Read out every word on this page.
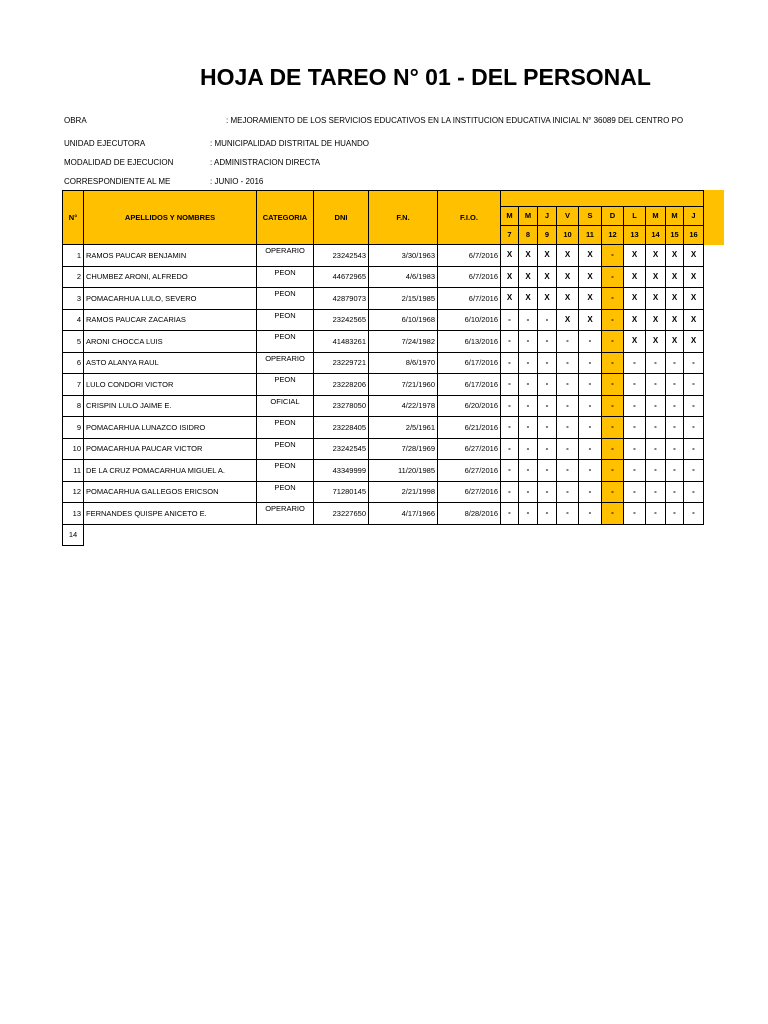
HOJA DE TAREO N° 01 - DEL PERSONAL
OBRA	: MEJORAMIENTO DE LOS SERVICIOS EDUCATIVOS EN LA INSTITUCION EDUCATIVA INICIAL N° 36089 DEL CENTRO PO
UNIDAD EJECUTORA	: MUNICIPALIDAD DISTRITAL DE HUANDO
MODALIDAD DE EJECUCION	: ADMINISTRACION DIRECTA
CORRESPONDIENTE AL ME	: JUNIO - 2016
N°	APELLIDOS Y NOMBRES	CATEGORIA	DNI	F.N.	F.I.O.										
						M	M	J	V	S	D	L	M	M	J
						7	8	9	10	11	12	13	14	15	16
1	RAMOS PAUCAR BENJAMIN	OPERARIO	23242543	3/30/1963	6/7/2016	X	X	X	X	X	-	X	X	X	X
2	CHUMBEZ ARONI, ALFREDO	PEON	44672965	4/6/1983	6/7/2016	X	X	X	X	X	-	X	X	X	X
3	POMACARHUA LULO, SEVERO	PEON	42879073	2/15/1985	6/7/2016	X	X	X	X	X	-	X	X	X	X
4	RAMOS PAUCAR ZACARIAS	PEON	23242565	6/10/1968	6/10/2016	-	-	-	X	X	-	X	X	X	X
5	ARONI CHOCCA LUIS	PEON	41483261	7/24/1982	6/13/2016	-	-	-	-	-	-	X	X	X	X
6	ASTO ALANYA RAUL	OPERARIO	23229721	8/6/1970	6/17/2016	-	-	-	-	-	-	-	-	-	-
7	LULO CONDORI VICTOR	PEON	23228206	7/21/1960	6/17/2016	-	-	-	-	-	-	-	-	-	-
8	CRISPIN LULO JAIME E.	OFICIAL	23278050	4/22/1978	6/20/2016	-	-	-	-	-	-	-	-	-	-
9	POMACARHUA LUNAZCO ISIDRO	PEON	23228405	2/5/1961	6/21/2016	-	-	-	-	-	-	-	-	-	-
10	POMACARHUA PAUCAR VICTOR	PEON	23242545	7/28/1969	6/27/2016	-	-	-	-	-	-	-	-	-	-
11	DE LA CRUZ POMACARHUA MIGUEL A.	PEON	43349999	11/20/1985	6/27/2016	-	-	-	-	-	-	-	-	-	-
12	POMACARHUA GALLEGOS ERICSON	PEON	71280145	2/21/1998	6/27/2016	-	-	-	-	-	-	-	-	-	-
13	FERNANDES QUISPE ANICETO E.	OPERARIO	23227650	4/17/1966	8/28/2016	-	-	-	-	-	-	-	-	-	-
14															
